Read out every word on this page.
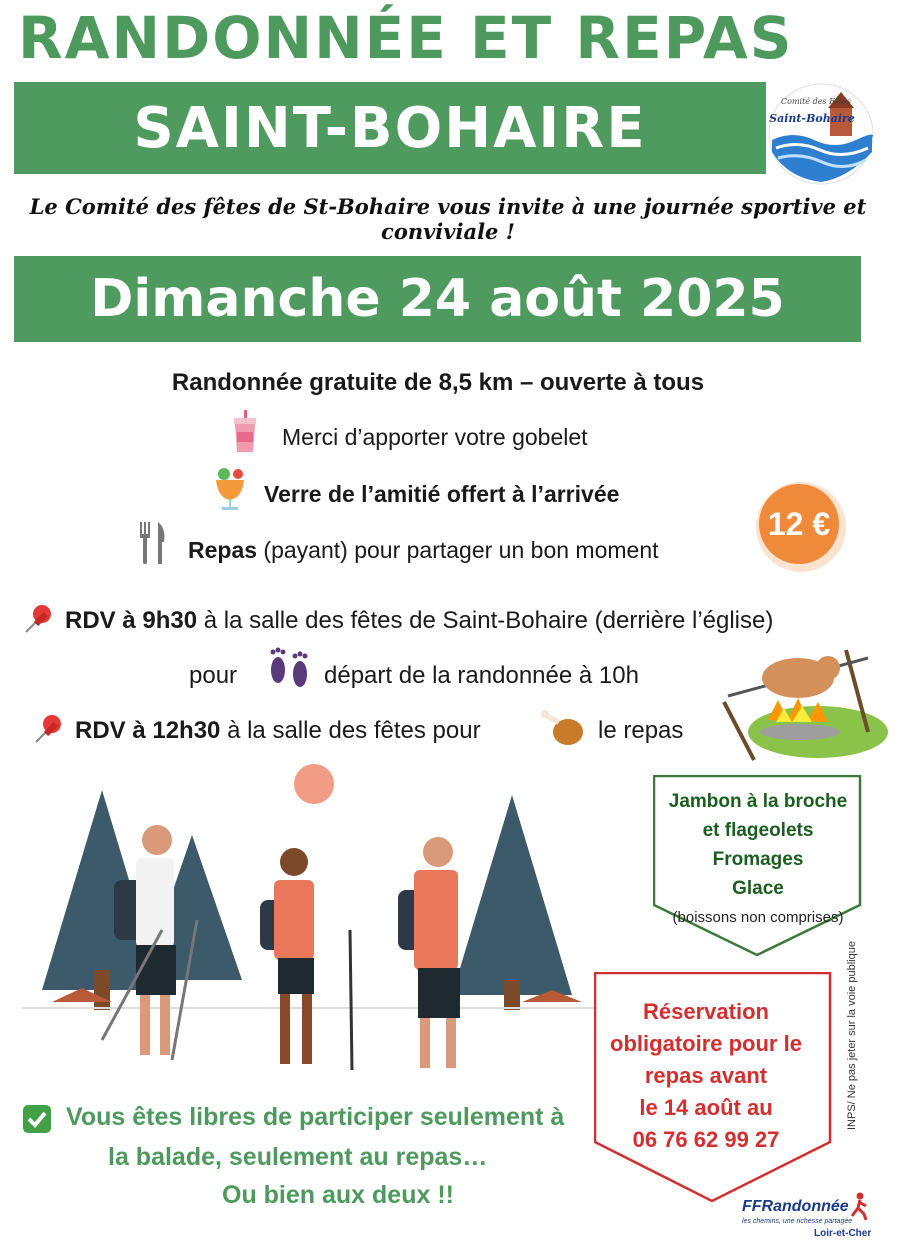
RANDONNÉE ET REPAS
SAINT-BOHAIRE	Comité des Fêtes
Saint-Bohaire
Le Comité des fêtes de St-Bohaire vous invite à une journée sportive et conviviale !
Dimanche 24 août 2025
Randonnée gratuite de 8,5 km – ouverte à tous
Merci d’apporter votre gobelet
Verre de l’amitié offert à l’arrivée
Repas (payant) pour partager un bon moment
12 €
RDV à 9h30 à la salle des fêtes de Saint-Bohaire (derrière l’église)
pour	départ de la randonnée à 10h
RDV à 12h30 à la salle des fêtes pour	le repas
Jambon à la broche
et flageolets
Fromages
Glace
(boissons non comprises)
Réservation
obligatoire pour le
repas avant
le 14 août au
06 76 62 99 27
INPS/ Ne pas jeter sur la voie publique
Vous êtes libres de participer seulement à
la balade, seulement au repas…
Ou bien aux deux !!	FFRandonnée
les chemins, une richesse partagée
Loir-et-Cher
